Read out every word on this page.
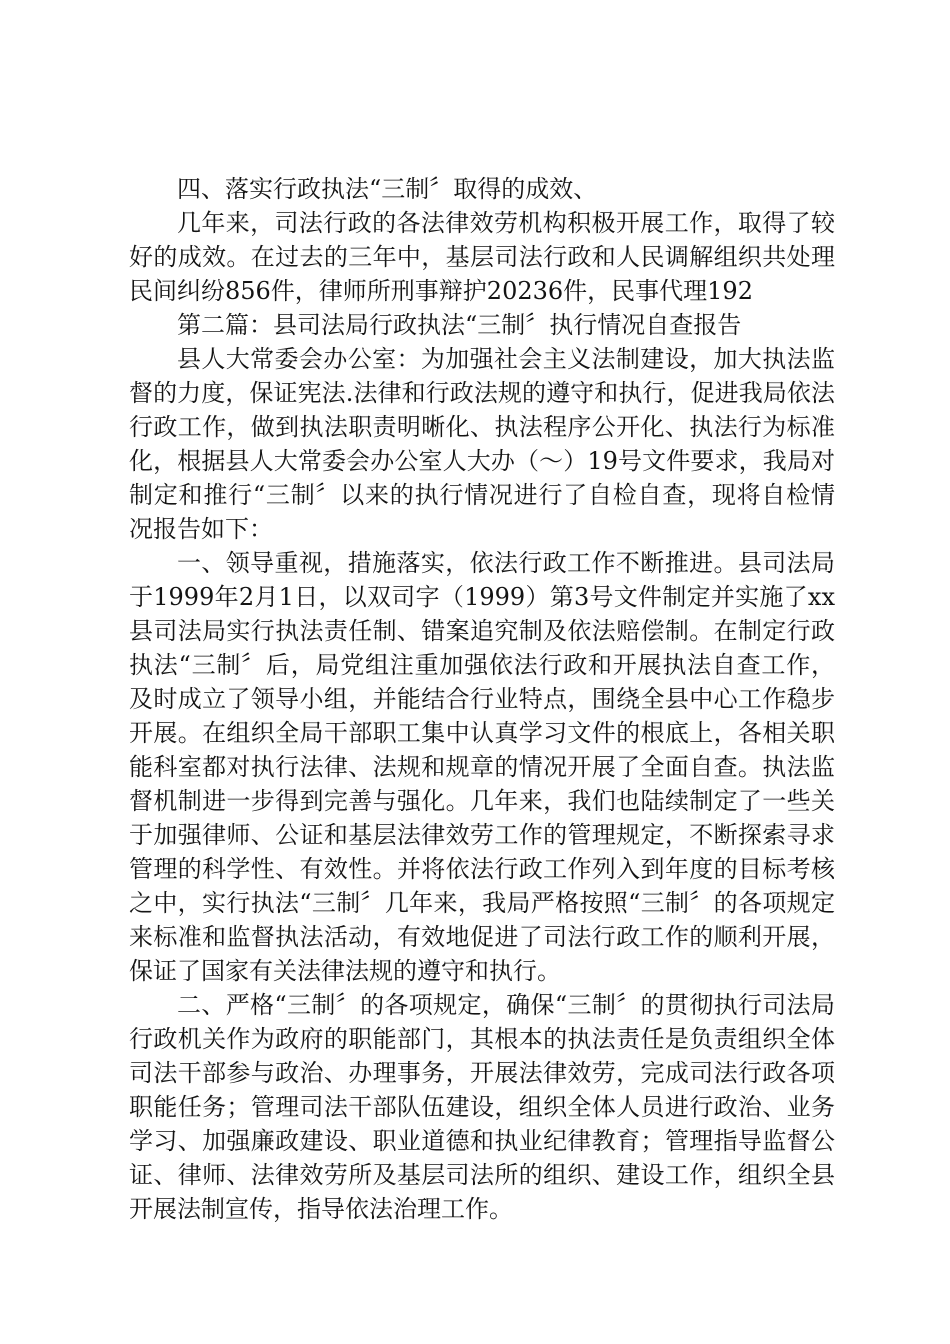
四、落实行政执法“三制〞取得的成效、

几年来，司法行政的各法律效劳机构积极开展工作，取得了较好的成效。在过去的三年中，基层司法行政和人民调解组织共处理民间纠纷856件，律师所刑事辩护20236件，民事代理192

第二篇：县司法局行政执法“三制〞执行情况自查报告

县人大常委会办公室：为加强社会主义法制建设，加大执法监督的力度，保证宪法.法律和行政法规的遵守和执行，促进我局依法行政工作，做到执法职责明晰化、执法程序公开化、执法行为标准化，根据县人大常委会办公室人大办（～）19号文件要求，我局对制定和推行“三制〞以来的执行情况进行了自检自查，现将自检情况报告如下：

一、领导重视，措施落实，依法行政工作不断推进。县司法局于1999年2月1日，以双司字（1999）第3号文件制定并实施了xx县司法局实行执法责任制、错案追究制及依法赔偿制。在制定行政执法“三制〞后，局党组注重加强依法行政和开展执法自查工作，及时成立了领导小组，并能结合行业特点，围绕全县中心工作稳步开展。在组织全局干部职工集中认真学习文件的根底上，各相关职能科室都对执行法律、法规和规章的情况开展了全面自查。执法监督机制进一步得到完善与强化。几年来，我们也陆续制定了一些关于加强律师、公证和基层法律效劳工作的管理规定，不断探索寻求管理的科学性、有效性。并将依法行政工作列入到年度的目标考核之中，实行执法“三制〞几年来，我局严格按照“三制〞的各项规定来标准和监督执法活动，有效地促进了司法行政工作的顺利开展，保证了国家有关法律法规的遵守和执行。

二、严格“三制〞的各项规定，确保“三制〞的贯彻执行司法局行政机关作为政府的职能部门，其根本的执法责任是负责组织全体司法干部参与政治、办理事务，开展法律效劳，完成司法行政各项职能任务；管理司法干部队伍建设，组织全体人员进行政治、业务学习、加强廉政建设、职业道德和执业纪律教育；管理指导监督公证、律师、法律效劳所及基层司法所的组织、建设工作，组织全县开展法制宣传，指导依法治理工作。
